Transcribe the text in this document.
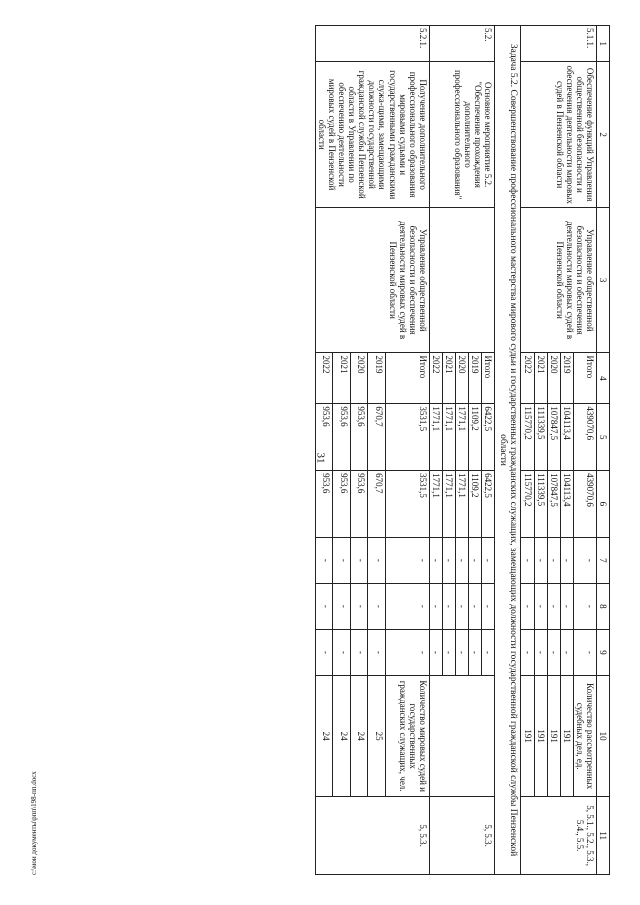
31
1	2	3	4	5	6	7	8	9	10	11
5.1.1.	Обеспечение функций Управления общественной безопасности и обеспечения деятельности мировых судей в Пензенской области	Управление общественной безопасности и обеспечения деятельности мировых судей в Пензенской области	Итого	439070,6	439070,6	-	-	-	Количество рассмотренных судебных дел, ед.	5, 5.1., 5.2., 5.3., 5.4., 5.5.
			2019	104113,4	104113,4	-	-	-	191	
			2020	107847,5	107847,5	-	-	-	191	
			2021	111339,5	111339,5	-	-	-	191	
			2022	115770,2	115770,2	-	-	-	191	
Задача 5.2. Совершенствование профессионального мастерства мирового судьи и государственных гражданских служащих, замещающих должности государственной гражданской службы Пензенской области										
5.2.	Основное мероприятие 5.2. "Обеспечение прохождения дополнительного профессионального образования"		Итого	6422,5	6422,5	-	-	-		5, 5.3.
			2019	1109,2	1109,2	-	-	-		
			2020	1771,1	1771,1	-	-	-		
			2021	1771,1	1771,1	-	-	-		
			2022	1771,1	1771,1	-	-	-		
5.2.1.	Получение дополнительного профессионального образования мировыми судьями и государственными гражданскими служа-щими, замещающими должности государственной гражданской службы Пензенской области в Управлении по обеспечению деятельности мировых судей в Пензенской области	Управление общественной безопасности и обеспечения деятельности мировых судей в Пензенской области	Итого	3531,5	3531,5	-	-	-	Количество мировых судей и государственных гражданских служащих, чел.	5, 5.3.
			2019	670,7	670,7	-	-	-	25	
			2020	953,6	953,6	-	-	-	24	
			2021	953,6	953,6	-	-	-	24	
			2022	953,6	953,6	-	-	-	24	
c:\мои документы\рпп\198-пп.docx
